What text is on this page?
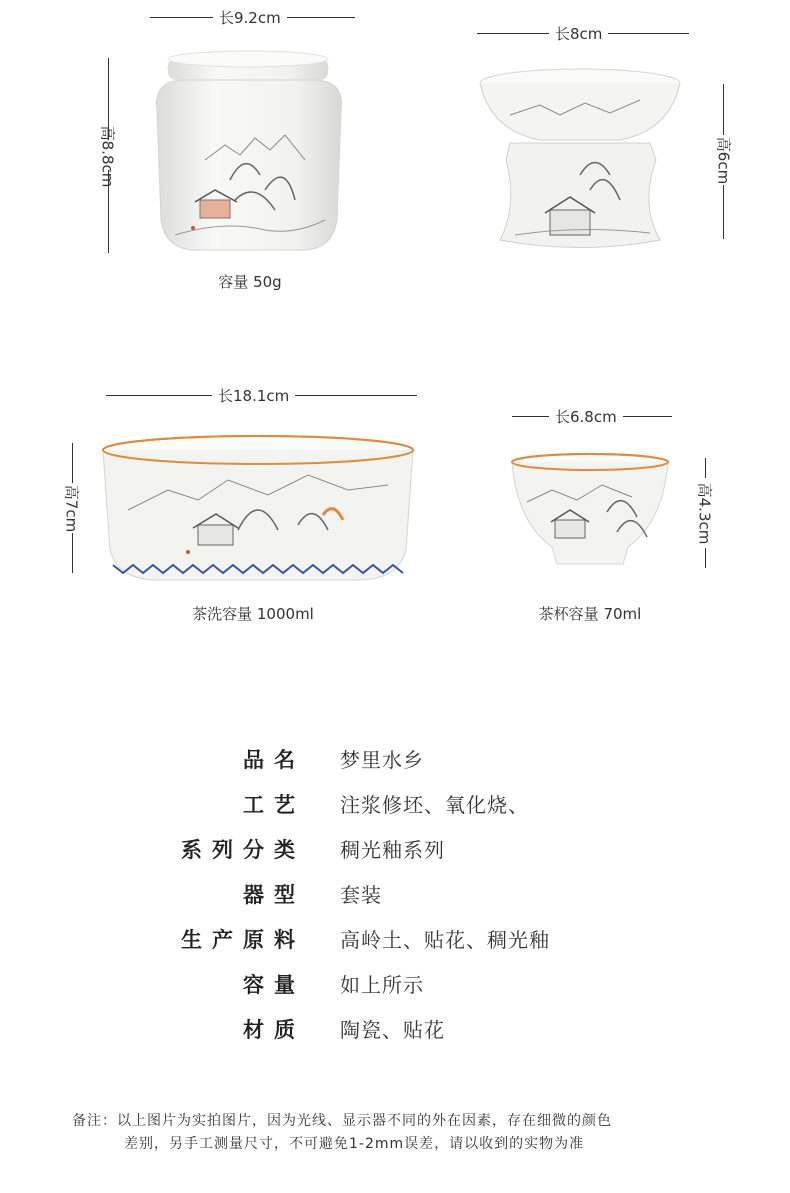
长9.2cm
高8.8cm
容量 50g
长8cm
高6cm
长18.1cm
高7cm
茶洗容量 1000ml
长6.8cm
高4.3cm
茶杯容量 70ml
品名 梦里水乡
工艺 注浆修坯、氧化烧、
系列分类 稠光釉系列
器型 套装
生产原料 高岭土、贴花、稠光釉
容量 如上所示
材质 陶瓷、贴花
备注：以上图片为实拍图片，因为光线、显示器不同的外在因素，存在细微的颜色
差别，另手工测量尺寸，不可避免1-2mm误差，请以收到的实物为准
